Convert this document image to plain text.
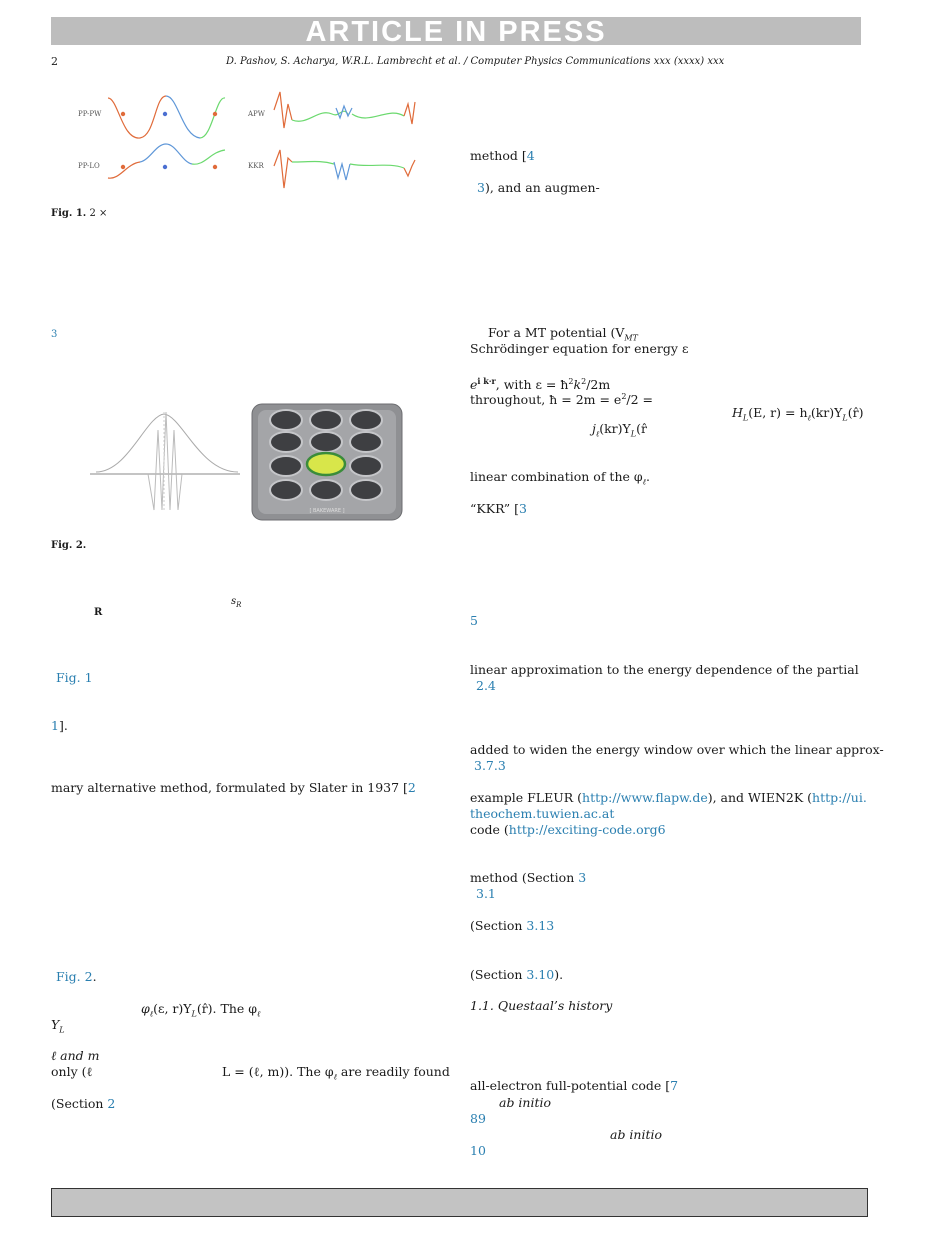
ARTICLE IN PRESS
2	D. Pashov, S. Acharya, W.R.L. Lambrecht et al. / Computer Physics Communications xxx (xxxx) xxx
PP-PW
PP-LO
APW
KKR
Fig. 1. 2 ×
[ BAKEWARE ]
Fig. 2.
3
$s_R$
R
Fig. 1
1].
mary alternative method, formulated by Slater in 1937 [2
Fig. 2.
$\varphi_\ell(\varepsilon$, $r)Y_L(r̂)$. The $\varphi_\ell$
$Y_L$
ℓ and m
only (ℓ	L = (ℓ, m)). The $\varphi_\ell$ are readily found
(Section 2
method [4
3), and an augmen-
For a MT potential ($V_{MT}$
Schrödinger equation for energy ε
$e^{i k\cdot r}$, with $\varepsilon = ħ^2k^2/2m$
throughout, ħ = $2m = e^2/2$ =
$H_L(E$, $r) = h_\ell(kr)Y_L(r̂)$
$j_\ell(kr)Y_L(r̂$
linear combination of the $\varphi_\ell$.
“KKR” [3
5
linear approximation to the energy dependence of the partial
2.4
added to widen the energy window over which the linear approx-
3.7.3
example FLEUR (http://www.flapw.de), and WIEN2K (http://ui.
theochem.tuwien.ac.at
code (http://exciting-code.org6
method (Section 3
3.1
(Section 3.13
(Section 3.10).
1.1. Questaal’s history
all-electron full-potential code [7
ab initio
89
ab initio
10
